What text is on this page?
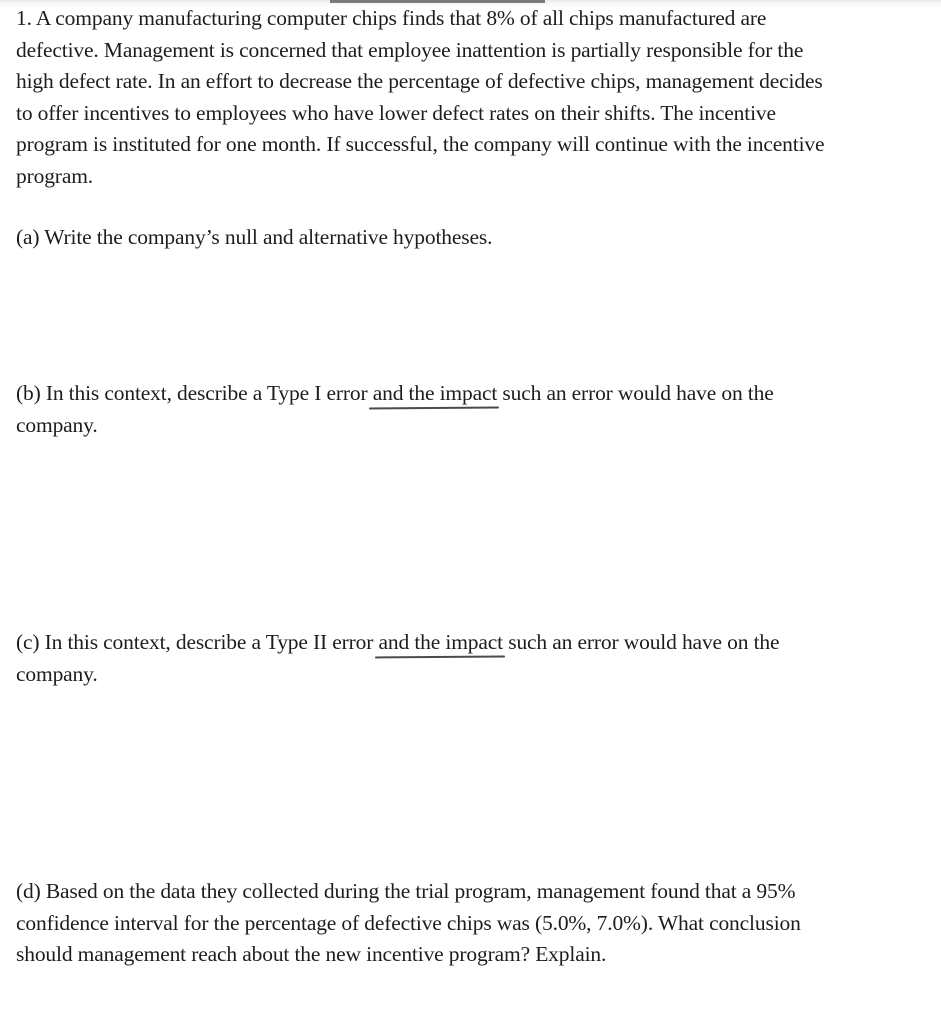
1. A company manufacturing computer chips finds that 8% of all chips manufactured are
defective. Management is concerned that employee inattention is partially responsible for the
high defect rate. In an effort to decrease the percentage of defective chips, management decides
to offer incentives to employees who have lower defect rates on their shifts. The incentive
program is instituted for one month. If successful, the company will continue with the incentive
program.
(a) Write the company’s null and alternative hypotheses.
(b) In this context, describe a Type I error and the impact such an error would have on the
company.
(c) In this context, describe a Type II error and the impact such an error would have on the
company.
(d) Based on the data they collected during the trial program, management found that a 95%
confidence interval for the percentage of defective chips was (5.0%, 7.0%). What conclusion
should management reach about the new incentive program? Explain.
